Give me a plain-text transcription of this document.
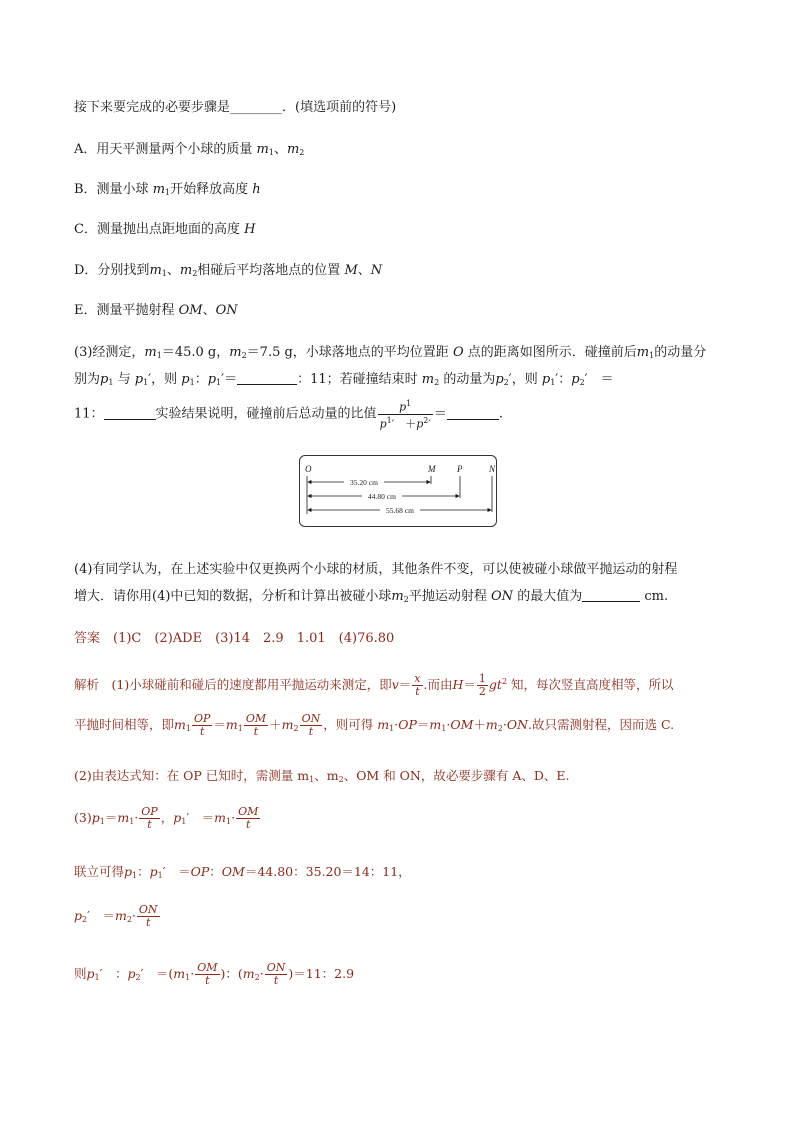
接下来要完成的必要步骤是________．(填选项前的符号)
A．用天平测量两个小球的质量 $m_1$、$m_2$
B．测量小球 $m_1$开始释放高度 h
C．测量抛出点距地面的高度 H
D．分别找到$m_1$、$m_2$相碰后平均落地点的位置 M、N
E．测量平抛射程 OM、ON
(3)经测定，$m_1=45.0$ g，$m_2=7.5$ g，小球落地点的平均位置距 O 点的距离如图所示．碰撞前后$m_1$的动量分
别为$p_1$ 与 $p_1'$，则 $p_1$：$p_1'=$	：11；若碰撞结束时 $m_2$ 的动量为$p_2'$，则 $p_1'$：$p_2'$　＝
11：	实验结果说明，碰撞前后总动量的比值 $\frac{p^1}{p^1' +p^2'}$ ＝	.
O	M P	N
35.20 cm
44.80 cm
55.68 cm
(4)有同学认为，在上述实验中仅更换两个小球的材质，其他条件不变，可以使被碰小球做平抛运动的射程
增大．请你用(4)中已知的数据，分析和计算出被碰小球$m_2$平抛运动射程 ON 的最大值为	cm.
答案　(1)C　(2)ADE　(3)14　2.9　1.01　(4)76.80
解析　(1)小球碰前和碰后的速度都用平抛运动来测定，即$v= \frac{x}{t}$ .而由$H= \frac{1}{2} gt^2$ 知，每次竖直高度相等，所以
平抛时间相等，即$m_1 \frac{OP}{t} =m_1 \frac{OM}{t} +m_2 \frac{ON}{t}$ ，则可得 $m_1\cdot OP=m_1\cdot OM+m_2\cdot ON$.故只需测射程，因而选 C.
(2)由表达式知：在 OP 已知时，需测量 $m_1$、$m_2$、OM 和 ON，故必要步骤有 A、D、E.
$(3)p_1=m_1\cdot \frac{OP}{t}$ ，$p_1'$　$=m_1\cdot \frac{OM}{t}$
联立可得$p_1$：$p_1'$　＝OP：OM＝44.80：35.20＝14：11，
$p_2'$　$=m_2\cdot \frac{ON}{t}$
则$p_1'$　：$p_2'$　$=(m_1\cdot \frac{OM}{t}$ )：$(m_2\cdot \frac{ON}{t} )=11$：2.9
